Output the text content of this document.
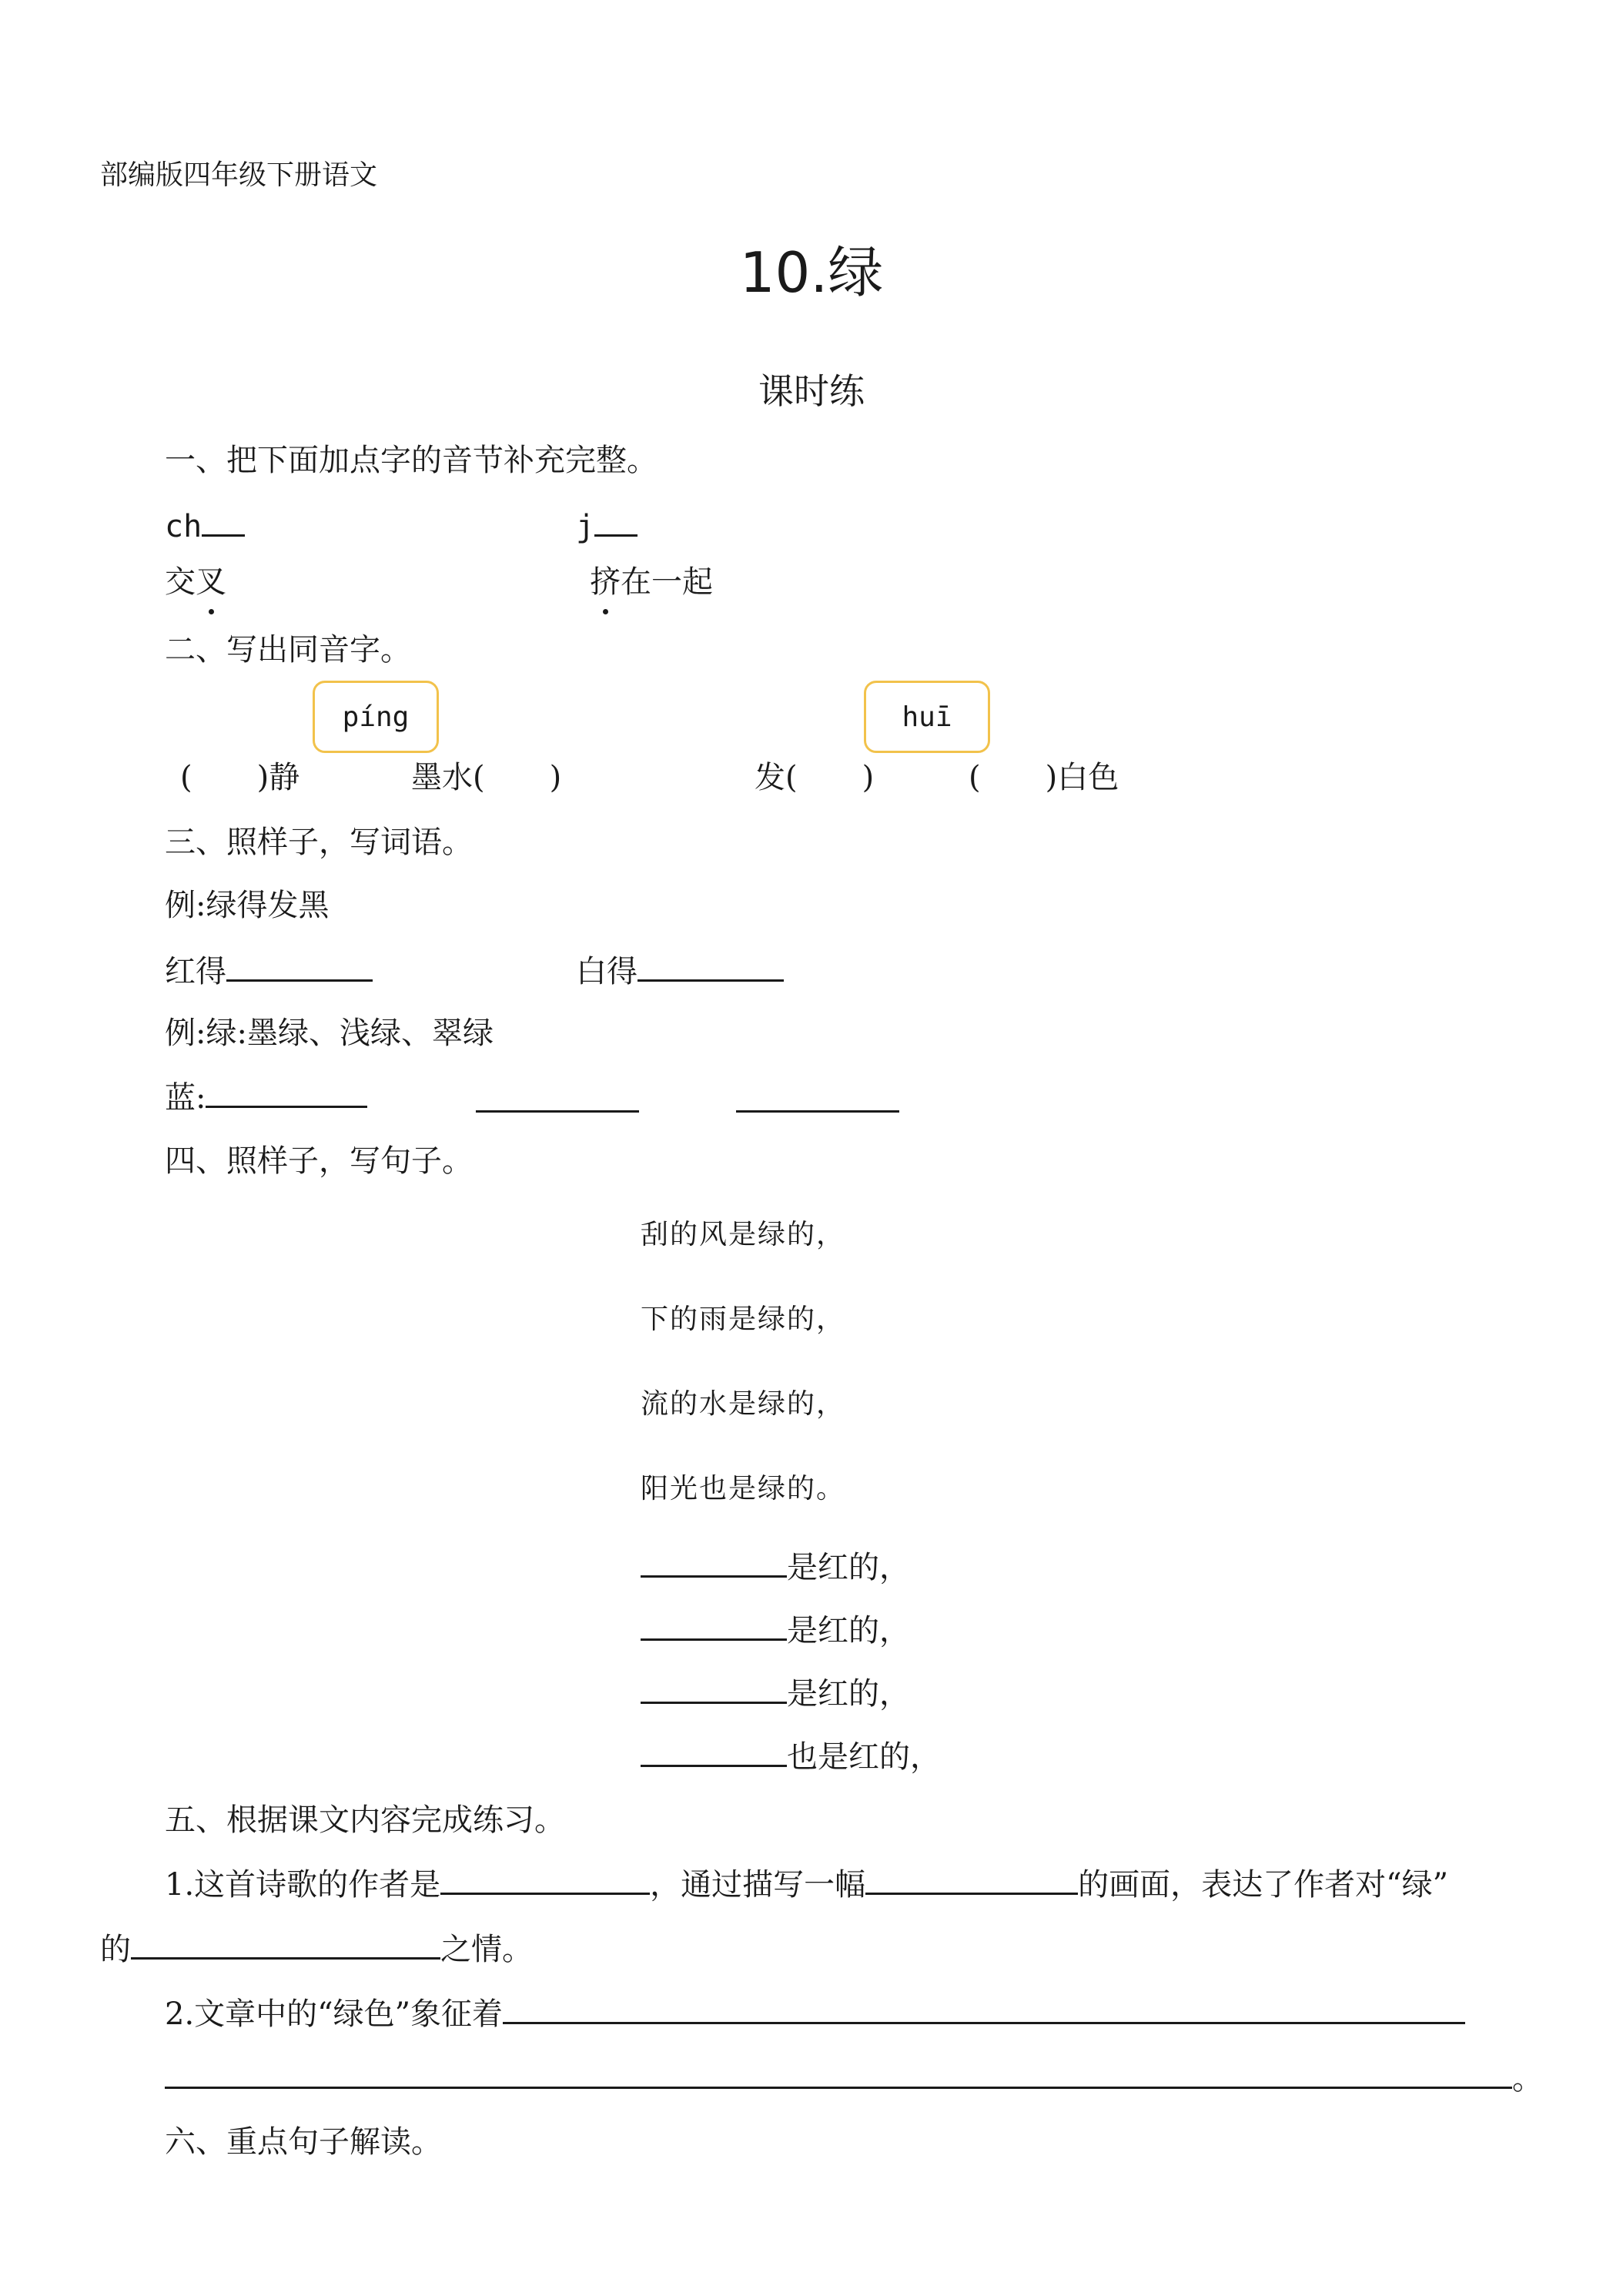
部编版四年级下册语文
10.绿
课时练
一、把下面加点字的音节补充完整。
ch	j
交叉	挤在一起
二、写出同音字。
píng	huī
( )静	墨水( )	发( )	( )白色
三、照样子，写词语。
例:绿得发黑
红得	白得
例:绿:墨绿、浅绿、翠绿
蓝:
四、照样子，写句子。
刮的风是绿的，
下的雨是绿的，
流的水是绿的，
阳光也是绿的。
是红的，
是红的，
是红的，
也是红的，
五、根据课文内容完成练习。
1.这首诗歌的作者是	，通过描写一幅	的画面，表达了作者对“绿”
的	之情。
2.文章中的“绿色”象征着
。
六、重点句子解读。
